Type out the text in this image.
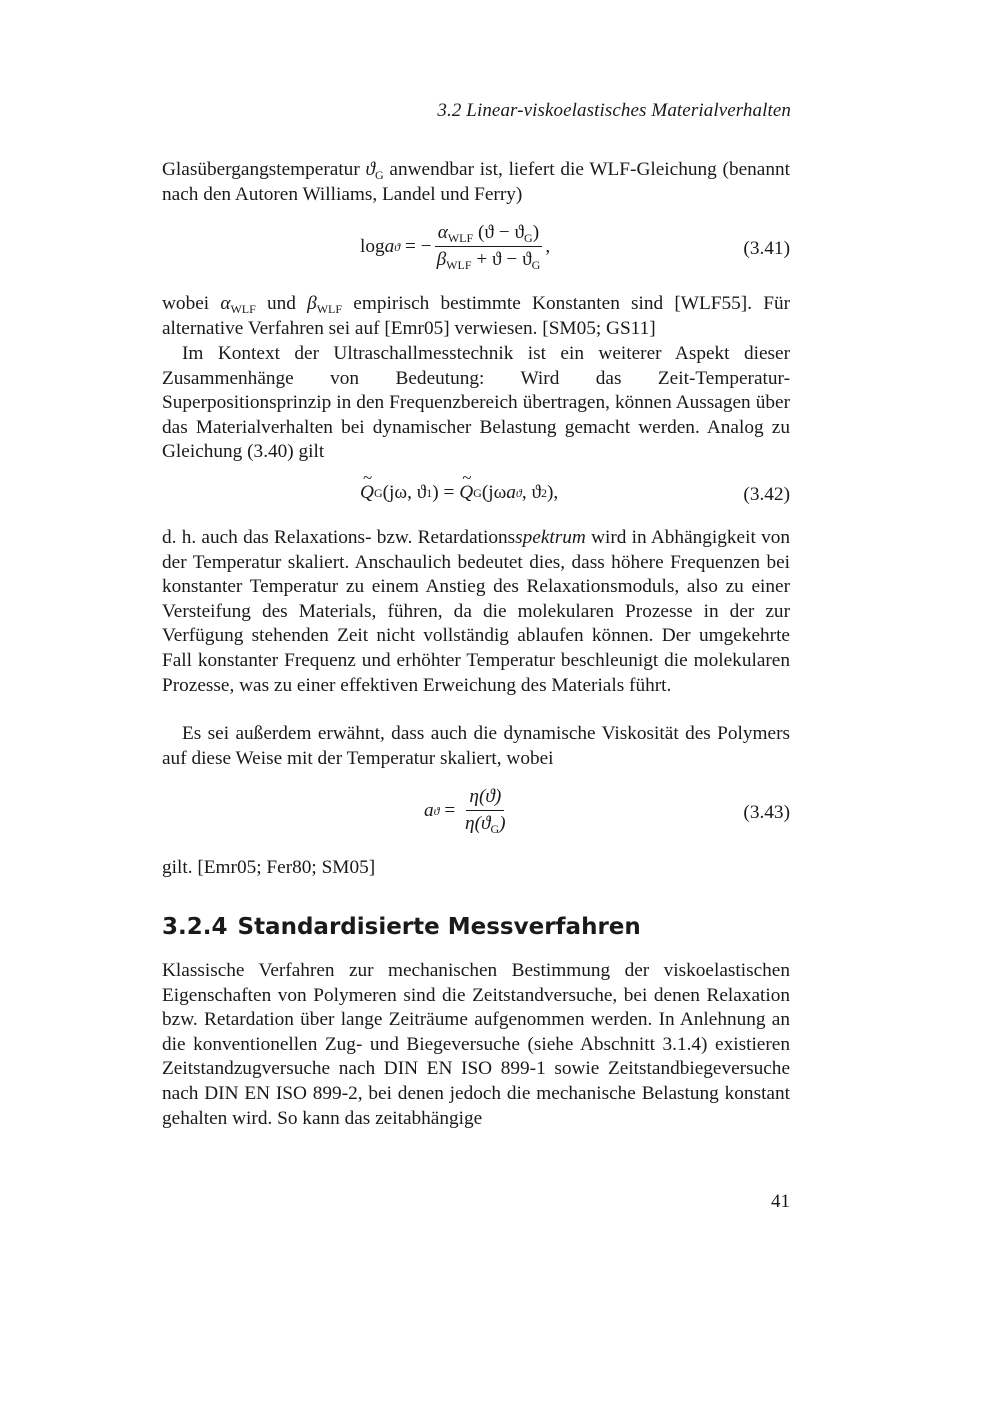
3.2 Linear-viskoelastisches Materialverhalten

Glasübergangstemperatur $ϑ_G$ anwendbar ist, liefert die WLF-Gleichung (benannt nach den Autoren Williams, Landel und Ferry)

log a ϑ = − $\frac{\alpha_{WLF} (ϑ - ϑ_G)}{\beta_{WLF} + ϑ - ϑ_G}$ ,	(3.41)

wobei $\alpha_{WLF}$ und $\beta_{WLF}$ empirisch bestimmte Konstanten sind [WLF55]. Für alternative Verfahren sei auf [Emr05] verwiesen. [SM05; GS11]

Im Kontext der Ultraschallmesstechnik ist ein weiterer Aspekt dieser Zusammenhänge von Bedeutung: Wird das Zeit-Temperatur-Superpositionsprinzip in den Frequenzbereich übertragen, können Aussagen über das Materialverhalten bei dynamischer Belastung gemacht werden. Analog zu Gleichung (3.40) gilt

~ Q G (jω, ϑ 1 ) =
~ Q G (jω a ϑ , ϑ 2 ),	(3.42)

d. h. auch das Relaxations- bzw. Retardationsspektrum wird in Abhängigkeit von der Temperatur skaliert. Anschaulich bedeutet dies, dass höhere Frequenzen bei konstanter Temperatur zu einem Anstieg des Relaxationsmoduls, also zu einer Versteifung des Materials, führen, da die molekularen Prozesse in der zur Verfügung stehenden Zeit nicht vollständig ablaufen können. Der umgekehrte Fall konstanter Frequenz und erhöhter Temperatur beschleunigt die molekularen Prozesse, was zu einer effektiven Erweichung des Materials führt.

Es sei außerdem erwähnt, dass auch die dynamische Viskosität des Polymers auf diese Weise mit der Temperatur skaliert, wobei

a $ϑ = \frac{\eta(ϑ)}{\eta(ϑ_G)}$	(3.43)

gilt. [Emr05; Fer80; SM05]

3.2.4 Standardisierte Messverfahren

Klassische Verfahren zur mechanischen Bestimmung der viskoelastischen Eigenschaften von Polymeren sind die Zeitstandversuche, bei denen Relaxation bzw. Retardation über lange Zeiträume aufgenommen werden. In Anlehnung an die konventionellen Zug- und Biegeversuche (siehe Abschnitt 3.1.4) existieren Zeitstandzugversuche nach DIN EN ISO 899-1 sowie Zeitstandbiegeversuche nach DIN EN ISO 899-2, bei denen jedoch die mechanische Belastung konstant gehalten wird. So kann das zeitabhängige

41
